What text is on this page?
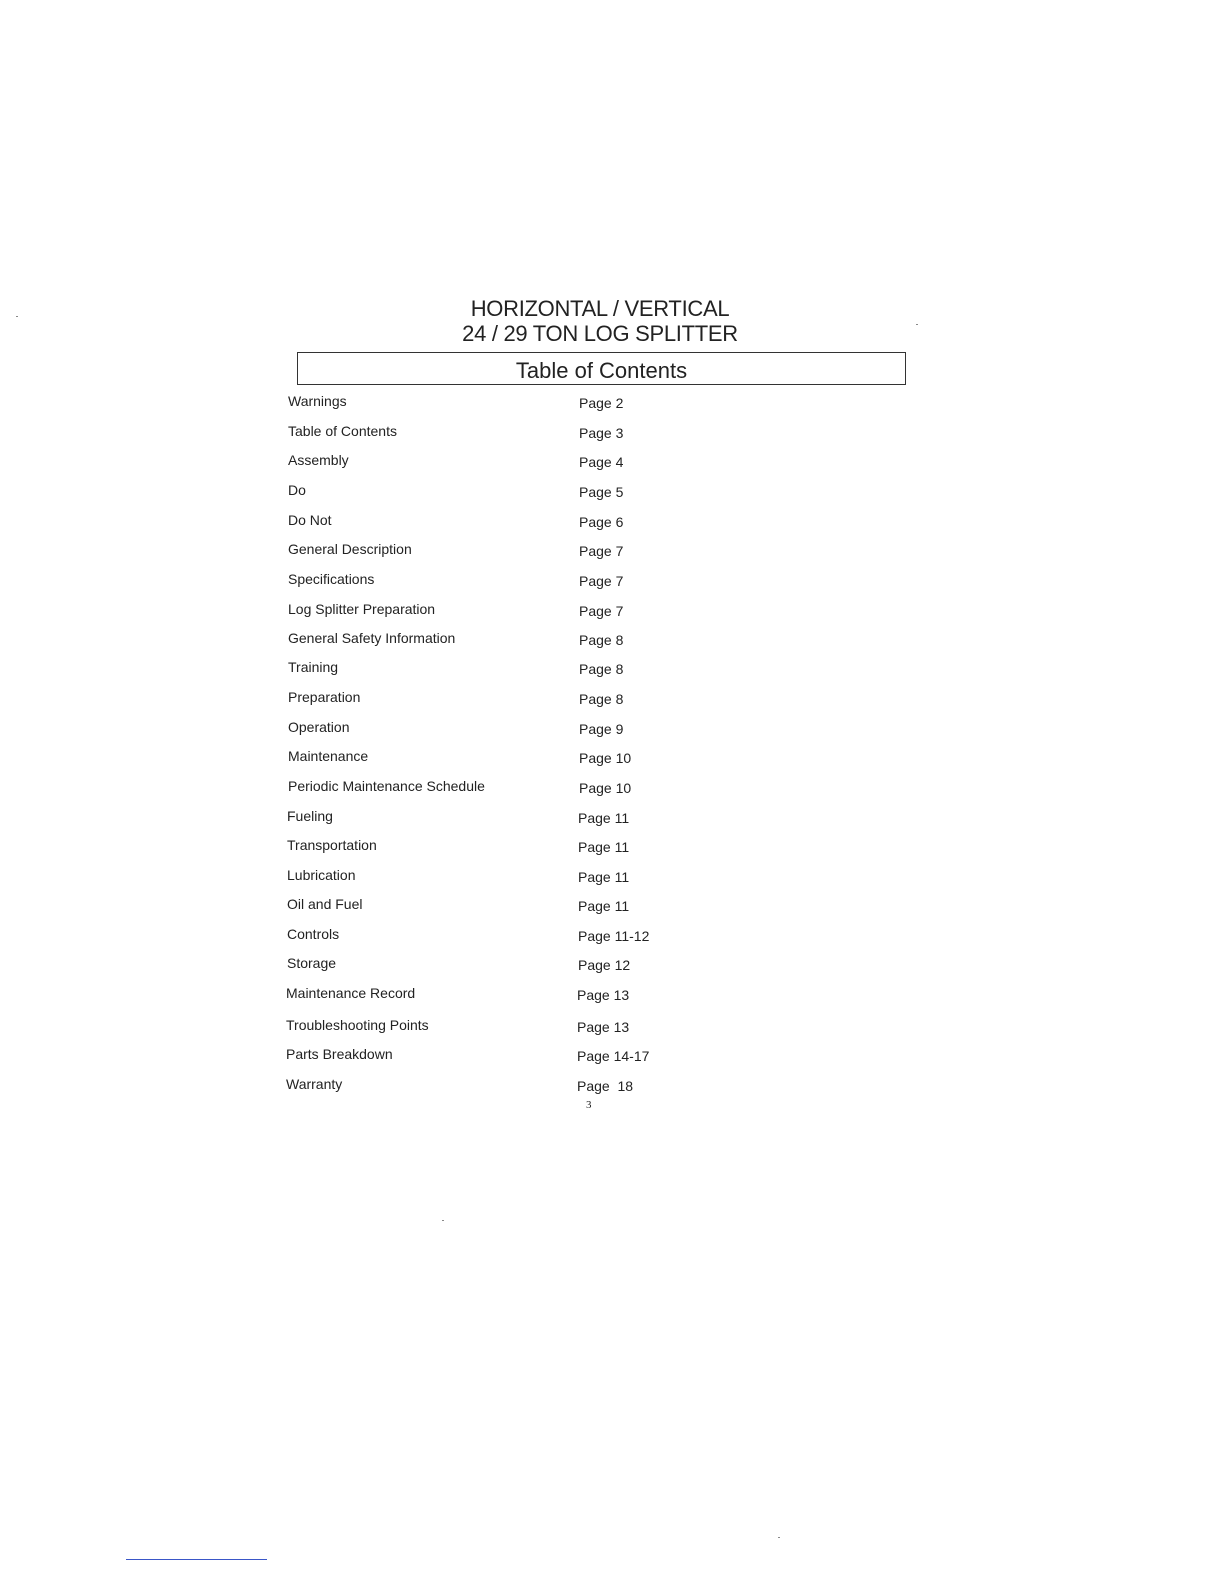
HORIZONTAL / VERTICAL
24 / 29 TON LOG SPLITTER
Table of Contents
Warnings	Page 2
Table of Contents	Page 3
Assembly	Page 4
Do	Page 5
Do Not	Page 6
General Description	Page 7
Specifications	Page 7
Log Splitter Preparation	Page 7
General Safety Information	Page 8
Training	Page 8
Preparation	Page 8
Operation	Page 9
Maintenance	Page 10
Periodic Maintenance Schedule	Page 10
Fueling	Page 11
Transportation	Page 11
Lubrication	Page 11
Oil and Fuel	Page 11
Controls	Page 11-12
Storage	Page 12
Maintenance Record	Page 13
Troubleshooting Points	Page 13
Parts Breakdown	Page 14-17
Warranty	Page  18
3
